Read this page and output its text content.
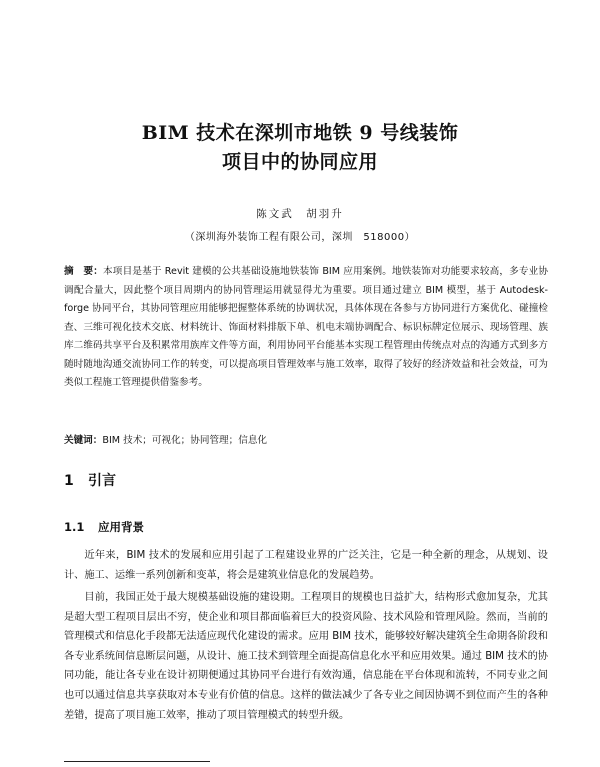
BIM 技术在深圳市地铁 9 号线装饰
项目中的协同应用
陈文武　胡羽升
（深圳海外装饰工程有限公司，深圳　518000）
摘　要：本项目是基于 Revit 建模的公共基础设施地铁装饰 BIM 应用案例。地铁装饰对功能要求较高，多专业协调配合量大，因此整个项目周期内的协同管理运用就显得尤为重要。项目通过建立 BIM 模型，基于 Autodesk-forge 协同平台，其协同管理应用能够把握整体系统的协调状况，具体体现在各参与方协同进行方案优化、碰撞检查、三维可视化技术交底、材料统计、饰面材料排版下单、机电末端协调配合、标识标牌定位展示、现场管理、族库二维码共享平台及积累常用族库文件等方面，利用协同平台能基本实现工程管理由传统点对点的沟通方式到多方随时随地沟通交流协同工作的转变，可以提高项目管理效率与施工效率，取得了较好的经济效益和社会效益，可为类似工程施工管理提供借鉴参考。
关键词：BIM 技术；可视化；协同管理；信息化
1 引言
1.1 应用背景

近年来，BIM 技术的发展和应用引起了工程建设业界的广泛关注，它是一种全新的理念，从规划、设计、施工、运维一系列创新和变革，将会是建筑业信息化的发展趋势。

目前，我国正处于最大规模基础设施的建设期。工程项目的规模也日益扩大，结构形式愈加复杂，尤其是超大型工程项目层出不穷，使企业和项目都面临着巨大的投资风险、技术风险和管理风险。然而，当前的管理模式和信息化手段都无法适应现代化建设的需求。应用 BIM 技术，能够较好解决建筑全生命期各阶段和各专业系统间信息断层问题，从设计、施工技术到管理全面提高信息化水平和应用效果。通过 BIM 技术的协同功能，能让各专业在设计初期便通过其协同平台进行有效沟通，信息能在平台体现和流转，不同专业之间也可以通过信息共享获取对本专业有价值的信息。这样的做法减少了各专业之间因协调不到位而产生的各种差错，提高了项目施工效率，推动了项目管理模式的转型升级。
